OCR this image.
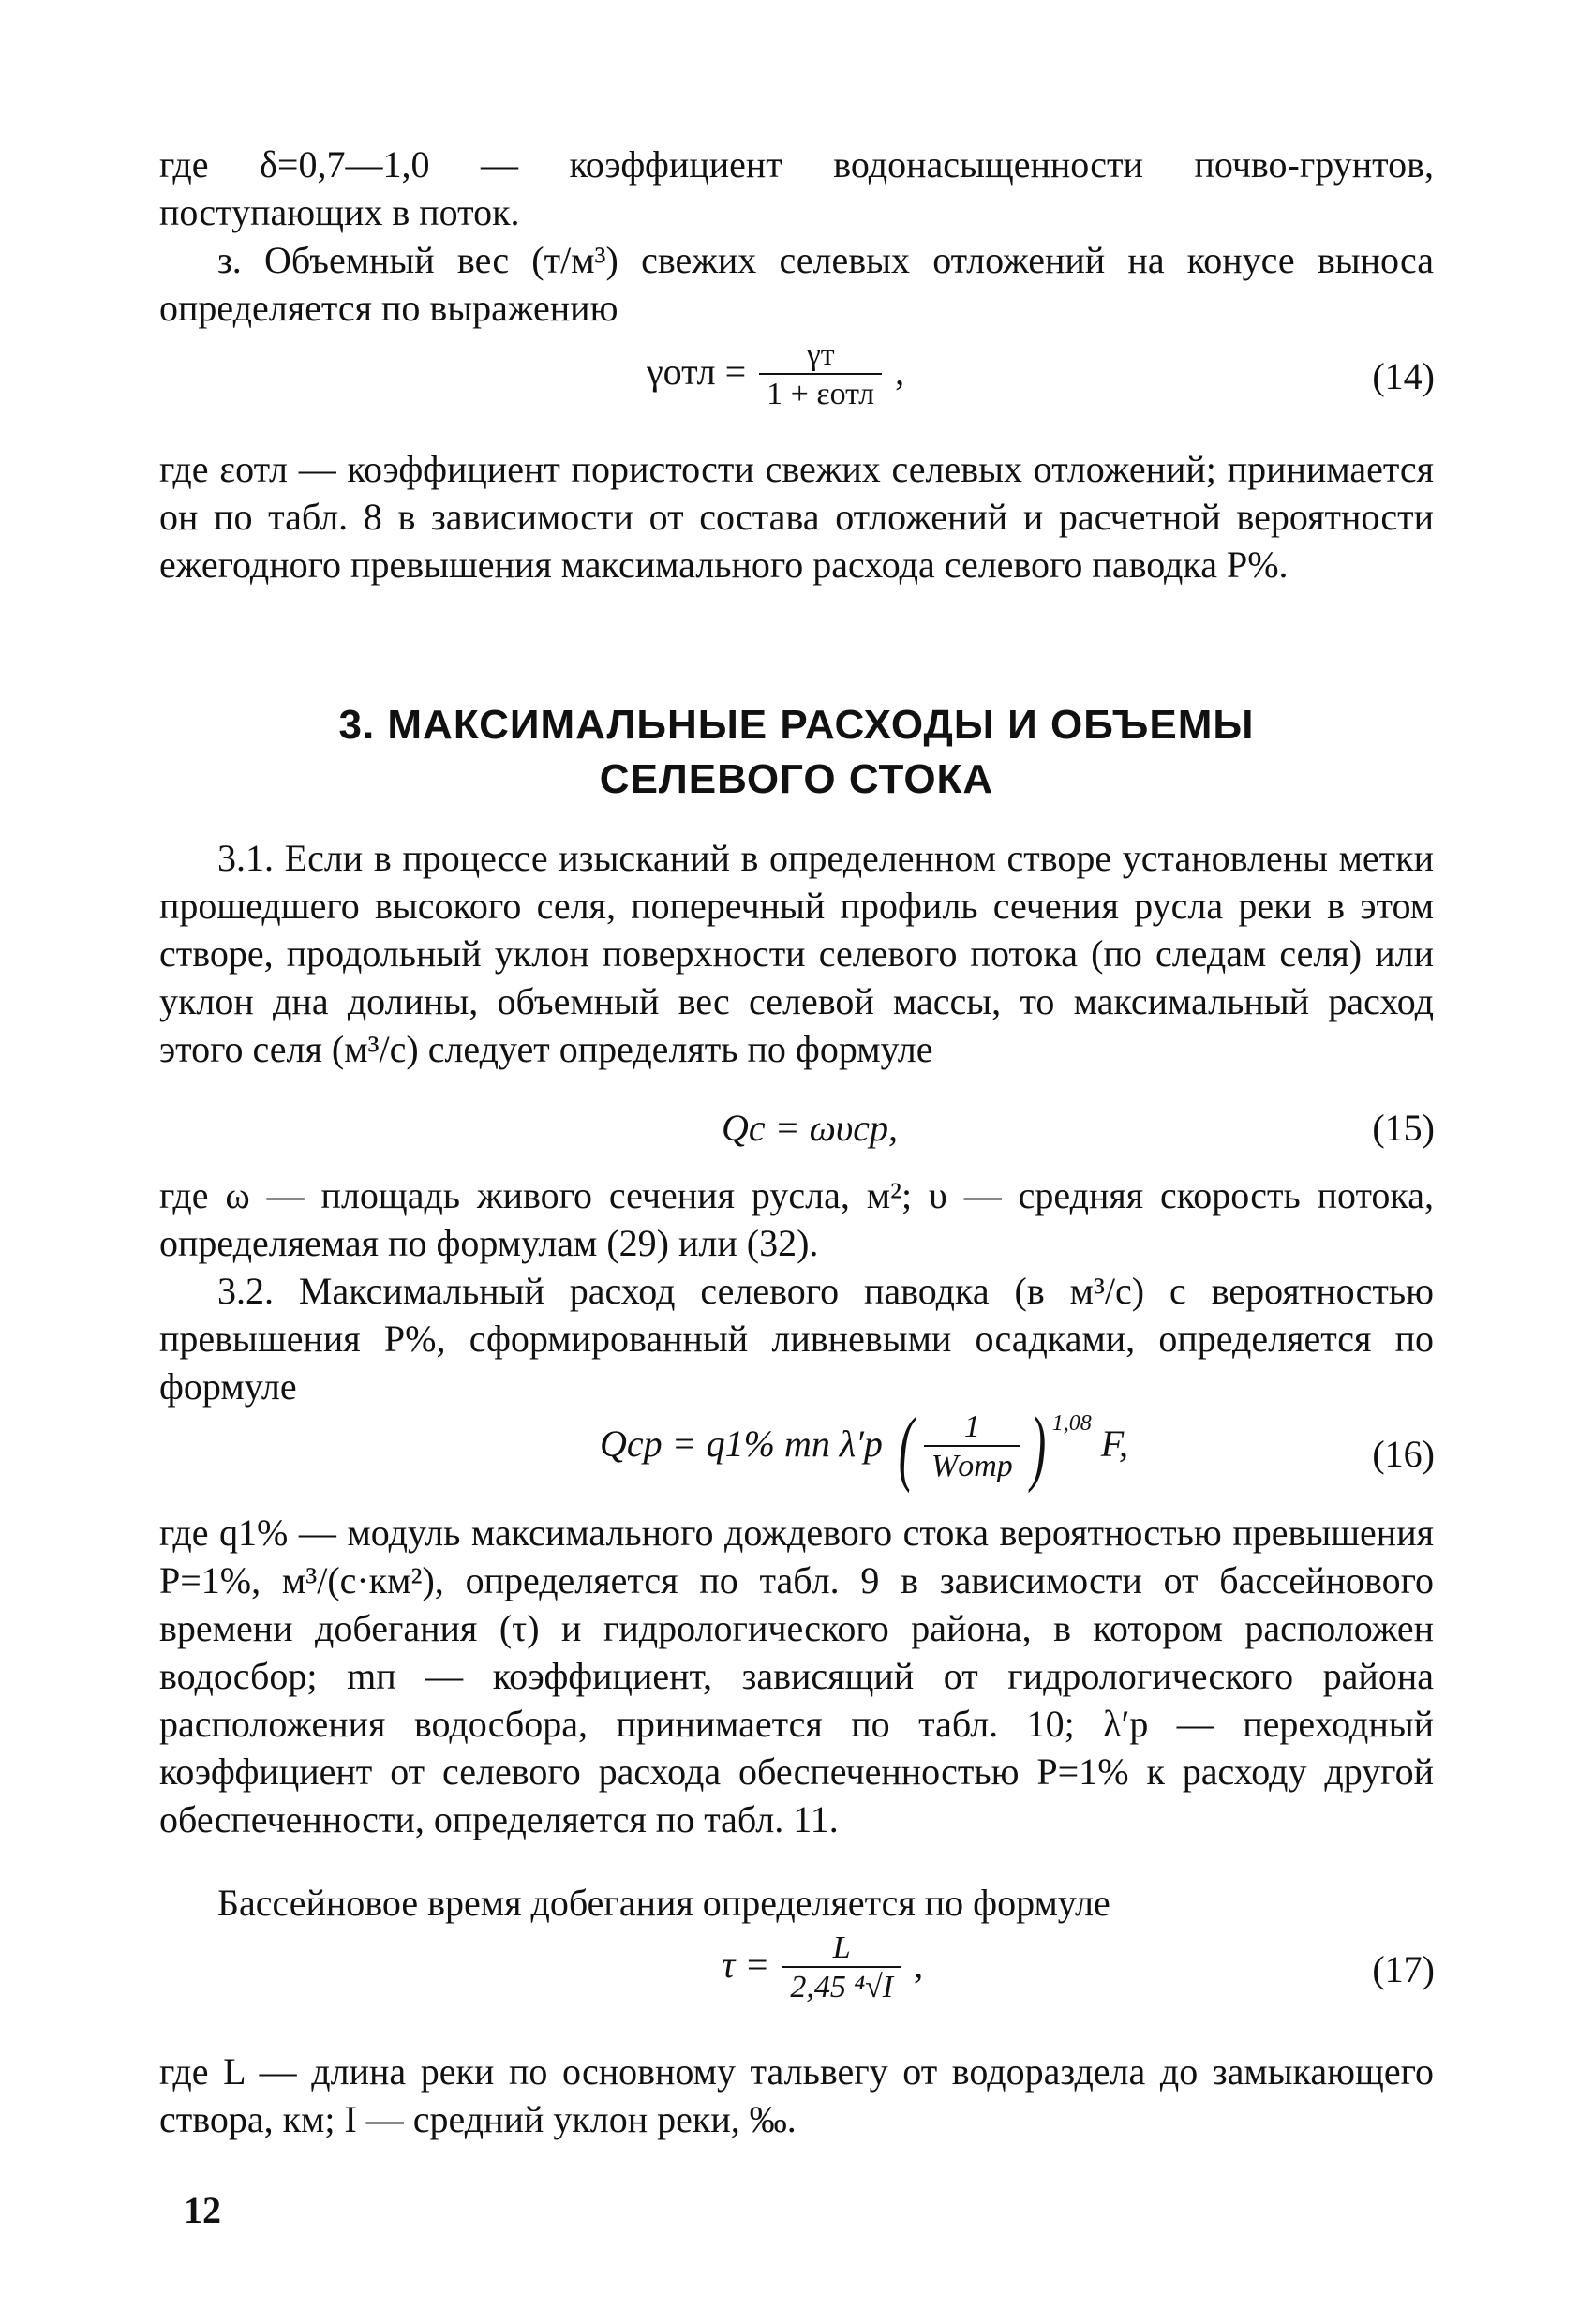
где δ=0,7—1,0 — коэффициент водонасыщенности почво-грунтов, поступающих в поток.

з. Объемный вес (т/м³) свежих селевых отложений на конусе выноса определяется по выражению

$\gamma отл = \frac{\gamma т}{\text{1 + εотл}}$ ,	(14)

где εотл — коэффициент пористости свежих селевых отложений; принимается он по табл. 8 в зависимости от состава отложений и расчетной вероятности ежегодного превышения максимального расхода селевого паводка P%.

3. МАКСИМАЛЬНЫЕ РАСХОДЫ И ОБЪЕМЫ
СЕЛЕВОГО СТОКА

3.1. Если в процессе изысканий в определенном створе установлены метки прошедшего высокого селя, поперечный профиль сечения русла реки в этом створе, продольный уклон поверхности селевого потока (по следам селя) или уклон дна долины, объемный вес селевой массы, то максимальный расход этого селя (м³/с) следует определять по формуле

Qc = ωυср,	(15)

где ω — площадь живого сечения русла, м²; υ — средняя скорость потока, определяемая по формулам (29) или (32).

3.2. Максимальный расход селевого паводка (в м³/с) с вероятностью превышения P%, сформированный ливневыми осадками, определяется по формуле

Qср = q1% mп λ′p ( $\frac{1}{\text{Wотр}}$ ) $^{1,08}$ F,	(16)

где q1% — модуль максимального дождевого стока вероятностью превышения P=1%, м³/(с·км²), определяется по табл. 9 в зависимости от бассейнового времени добегания (τ) и гидрологического района, в котором расположен водосбор; mп — коэффициент, зависящий от гидрологического района расположения водосбора, принимается по табл. 10; λ′p — переходный коэффициент от селевого расхода обеспеченностью P=1% к расходу другой обеспеченности, определяется по табл. 11.

Бассейновое время добегания определяется по формуле

$\tau = \frac{L}{\text{2,45 ⁴√I}}$ ,	(17)

где L — длина реки по основному тальвегу от водораздела до замыкающего створа, км; I — средний уклон реки, ‰.

12
